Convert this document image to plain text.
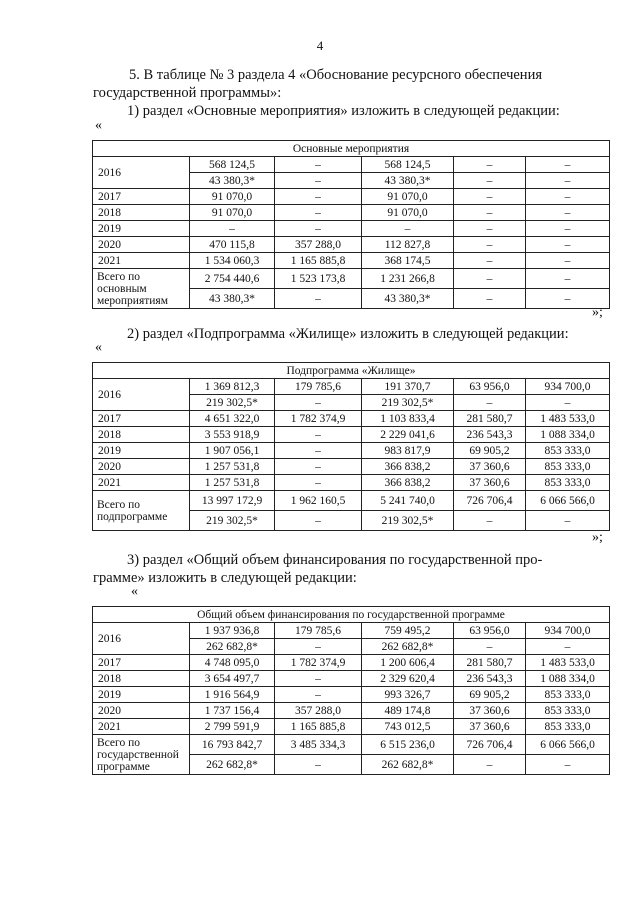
4
5. В таблице № 3 раздела 4 «Обоснование ресурсного обеспечения
государственной программы»:
1) раздел «Основные мероприятия» изложить в следующей редакции:
«

Основные мероприятия					
2016	568 124,5	–	568 124,5	–	–
	43 380,3*	–	43 380,3*	–	–
2017	91 070,0	–	91 070,0	–	–
2018	91 070,0	–	91 070,0	–	–
2019	–	–	–	–	–
2020	470 115,8	357 288,0	112 827,8	–	–
2021	1 534 060,3	1 165 885,8	368 174,5	–	–
Всего по основным мероприятиям	2 754 440,6	1 523 173,8	1 231 266,8	–	–
	43 380,3*	–	43 380,3*	–	–
»;
2) раздел «Подпрограмма «Жилище» изложить в следующей редакции:
«

Подпрограмма «Жилище»					
2016	1 369 812,3	179 785,6	191 370,7	63 956,0	934 700,0
	219 302,5*	–	219 302,5*	–	–
2017	4 651 322,0	1 782 374,9	1 103 833,4	281 580,7	1 483 533,0
2018	3 553 918,9	–	2 229 041,6	236 543,3	1 088 334,0
2019	1 907 056,1	–	983 817,9	69 905,2	853 333,0
2020	1 257 531,8	–	366 838,2	37 360,6	853 333,0
2021	1 257 531,8	–	366 838,2	37 360,6	853 333,0
Всего по подпрограмме	13 997 172,9	1 962 160,5	5 241 740,0	726 706,4	6 066 566,0
	219 302,5*	–	219 302,5*	–	–
»;
3) раздел «Общий объем финансирования по государственной про-
грамме» изложить в следующей редакции:
«

Общий объем финансирования по государственной программе					
2016	1 937 936,8	179 785,6	759 495,2	63 956,0	934 700,0
	262 682,8*	–	262 682,8*	–	–
2017	4 748 095,0	1 782 374,9	1 200 606,4	281 580,7	1 483 533,0
2018	3 654 497,7	–	2 329 620,4	236 543,3	1 088 334,0
2019	1 916 564,9	–	993 326,7	69 905,2	853 333,0
2020	1 737 156,4	357 288,0	489 174,8	37 360,6	853 333,0
2021	2 799 591,9	1 165 885,8	743 012,5	37 360,6	853 333,0
Всего по государственной программе	16 793 842,7	3 485 334,3	6 515 236,0	726 706,4	6 066 566,0
	262 682,8*	–	262 682,8*	–	–
